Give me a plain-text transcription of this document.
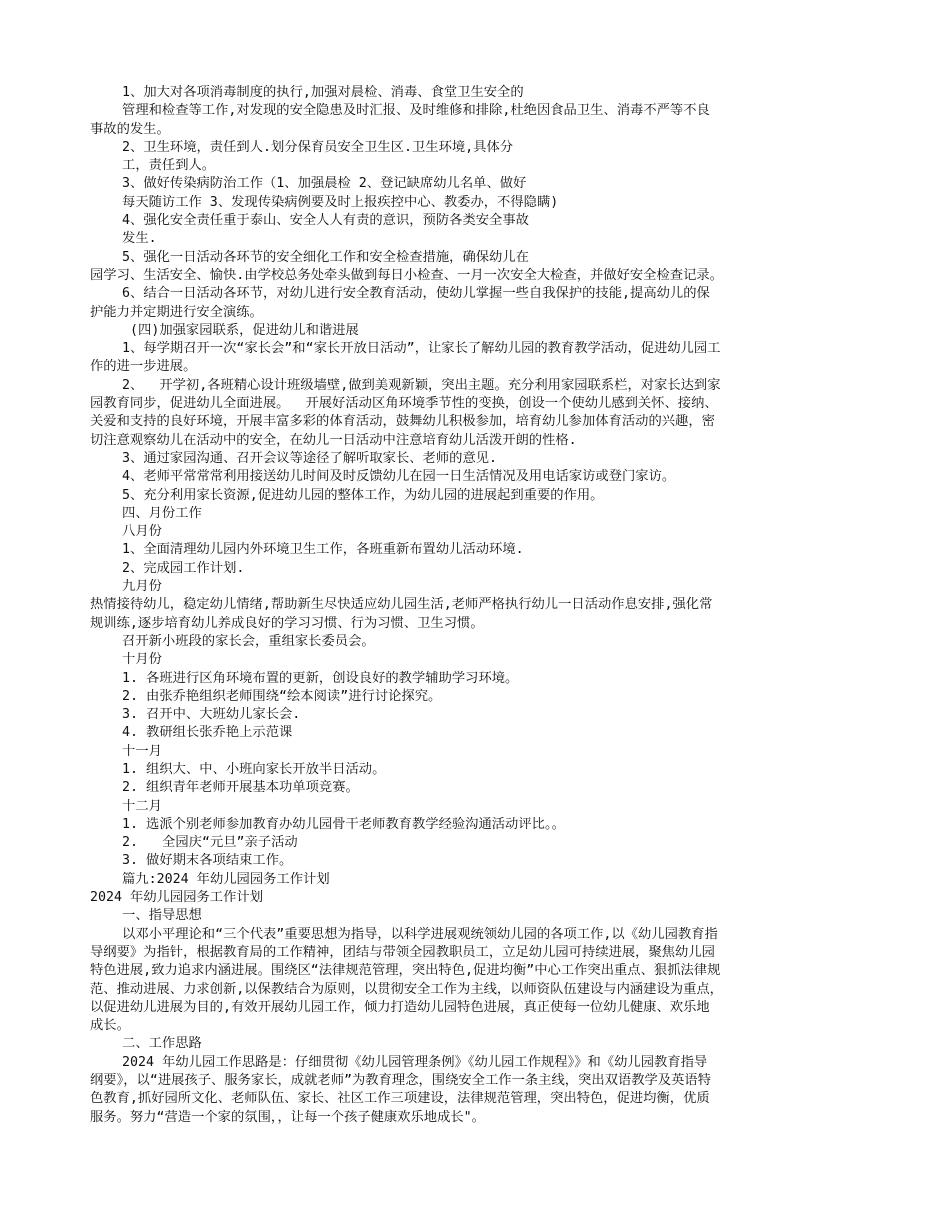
1、加大对各项消毒制度的执行,加强对晨检、消毒、食堂卫生安全的
管理和检查等工作,对发现的安全隐患及时汇报、及时维修和排除,杜绝因食品卫生、消毒不严等不良
事故的发生。
2、卫生环境，责任到人.划分保育员安全卫生区.卫生环境,具体分
工，责任到人。
3、做好传染病防治工作（1、加强晨检 2、登记缺席幼儿名单、做好
每天随访工作 3、发现传染病例要及时上报疾控中心、教委办，不得隐瞒)
4、强化安全责任重于泰山、安全人人有责的意识，预防各类安全事故
发生.
5、强化一日活动各环节的安全细化工作和安全检查措施，确保幼儿在
园学习、生活安全、愉快.由学校总务处牵头做到每日小检查、一月一次安全大检查，并做好安全检查记录。
6、结合一日活动各环节，对幼儿进行安全教育活动，使幼儿掌握一些自我保护的技能,提高幼儿的保
护能力并定期进行安全演练。
(四)加强家园联系，促进幼儿和谐进展
1、每学期召开一次“家长会”和“家长开放日活动”，让家长了解幼儿园的教育教学活动，促进幼儿园工
作的进一步进展。
2、  开学初,各班精心设计班级墙壁,做到美观新颖，突出主题。充分利用家园联系栏，对家长达到家
园教育同步，促进幼儿全面进展。  开展好活动区角环境季节性的变换，创设一个使幼儿感到关怀、接纳、
关爱和支持的良好环境，开展丰富多彩的体育活动，鼓舞幼儿积极参加，培育幼儿参加体育活动的兴趣，密
切注意观察幼儿在活动中的安全，在幼儿一日活动中注意培育幼儿活泼开朗的性格.
3、通过家园沟通、召开会议等途径了解听取家长、老师的意见.
4、老师平常常常利用接送幼儿时间及时反馈幼儿在园一日生活情况及用电话家访或登门家访。
5、充分利用家长资源,促进幼儿园的整体工作，为幼儿园的进展起到重要的作用。
四、月份工作
八月份
1、全面清理幼儿园内外环境卫生工作，各班重新布置幼儿活动环境.
2、完成园工作计划.
九月份
热情接待幼儿，稳定幼儿情绪,帮助新生尽快适应幼儿园生活,老师严格执行幼儿一日活动作息安排,强化常
规训练,逐步培育幼儿养成良好的学习习惯、行为习惯、卫生习惯。
召开新小班段的家长会，重组家长委员会。
十月份
1. 各班进行区角环境布置的更新，创设良好的教学辅助学习环境。
2. 由张乔艳组织老师围绕“绘本阅读”进行讨论探究。
3. 召开中、大班幼儿家长会.
4. 教研组长张乔艳上示范课
十一月
1. 组织大、中、小班向家长开放半日活动。
2. 组织青年老师开展基本功单项竞赛。
十二月
1. 选派个别老师参加教育办幼儿园骨干老师教育教学经验沟通活动评比。。
2.   全园庆“元旦”亲子活动
3. 做好期末各项结束工作。
篇九:2024 年幼儿园园务工作计划
2024 年幼儿园园务工作计划
一、指导思想
以邓小平理论和“三个代表”重要思想为指导，以科学进展观统领幼儿园的各项工作,以《幼儿园教育指
导纲要》为指针，根据教育局的工作精神，团结与带领全园教职员工，立足幼儿园可持续进展，聚焦幼儿园
特色进展,致力追求内涵进展。围绕区“法律规范管理，突出特色,促进均衡”中心工作突出重点、狠抓法律规
范、推动进展、力求创新,以保教结合为原则，以贯彻安全工作为主线，以师资队伍建设与内涵建设为重点，
以促进幼儿进展为目的,有效开展幼儿园工作，倾力打造幼儿园特色进展，真正使每一位幼儿健康、欢乐地
成长。
二、工作思路
2024 年幼儿园工作思路是：仔细贯彻《幼儿园管理条例》《幼儿园工作规程》》和《幼儿园教育指导
纲要》，以“进展孩子、服务家长，成就老师”为教育理念，围绕安全工作一条主线，突出双语教学及英语特
色教育,抓好园所文化、老师队伍、家长、社区工作三项建设，法律规范管理，突出特色，促进均衡，优质
服务。努力“营造一个家的氛围，，让每一个孩子健康欢乐地成长"。
